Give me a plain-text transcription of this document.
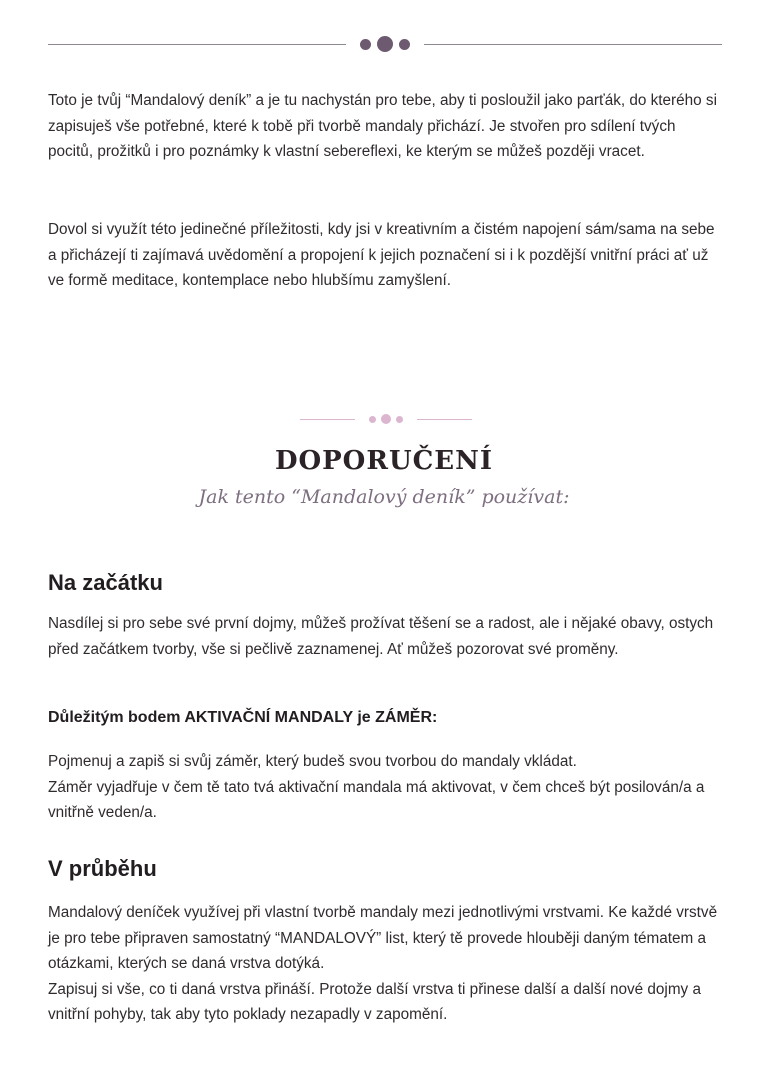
Toto je tvůj “Mandalový deník” a je tu nachystán pro tebe, aby ti posloužil jako parťák, do kterého si zapisuješ vše potřebné, které k tobě při tvorbě mandaly přichází. Je stvořen pro sdílení tvých pocitů, prožitků i pro poznámky k vlastní sebereflexi, ke kterým se můžeš později vracet.

Dovol si využít této jedinečné příležitosti, kdy jsi v kreativním a čistém napojení sám/sama na sebe a přicházejí ti zajímavá uvědomění a propojení k jejich poznačení si i k pozdější vnitřní práci ať už ve formě meditace, kontemplace nebo hlubšímu zamyšlení.

DOPORUČENÍ

Jak tento “Mandalový deník” používat:

Na začátku

Nasdílej si pro sebe své první dojmy, můžeš prožívat těšení se a radost, ale i nějaké obavy, ostych před začátkem tvorby, vše si pečlivě zaznamenej. Ať můžeš pozorovat své proměny.

Důležitým bodem AKTIVAČNÍ MANDALY je ZÁMĚR:
Pojmenuj a zapiš si svůj záměr, který budeš svou tvorbou do mandaly vkládat.
Záměr vyjadřuje v čem tě tato tvá aktivační mandala má aktivovat, v čem chceš být posilován/a a vnitřně veden/a.
V průběhu
Mandalový deníček využívej při vlastní tvorbě mandaly mezi jednotlivými vrstvami. Ke každé vrstvě je pro tebe připraven samostatný “MANDALOVÝ” list, který tě provede hlouběji daným tématem a otázkami, kterých se daná vrstva dotýká.
Zapisuj si vše, co ti daná vrstva přináší. Protože další vrstva ti přinese další a další nové dojmy a vnitřní pohyby, tak aby tyto poklady nezapadly v zapomění.
